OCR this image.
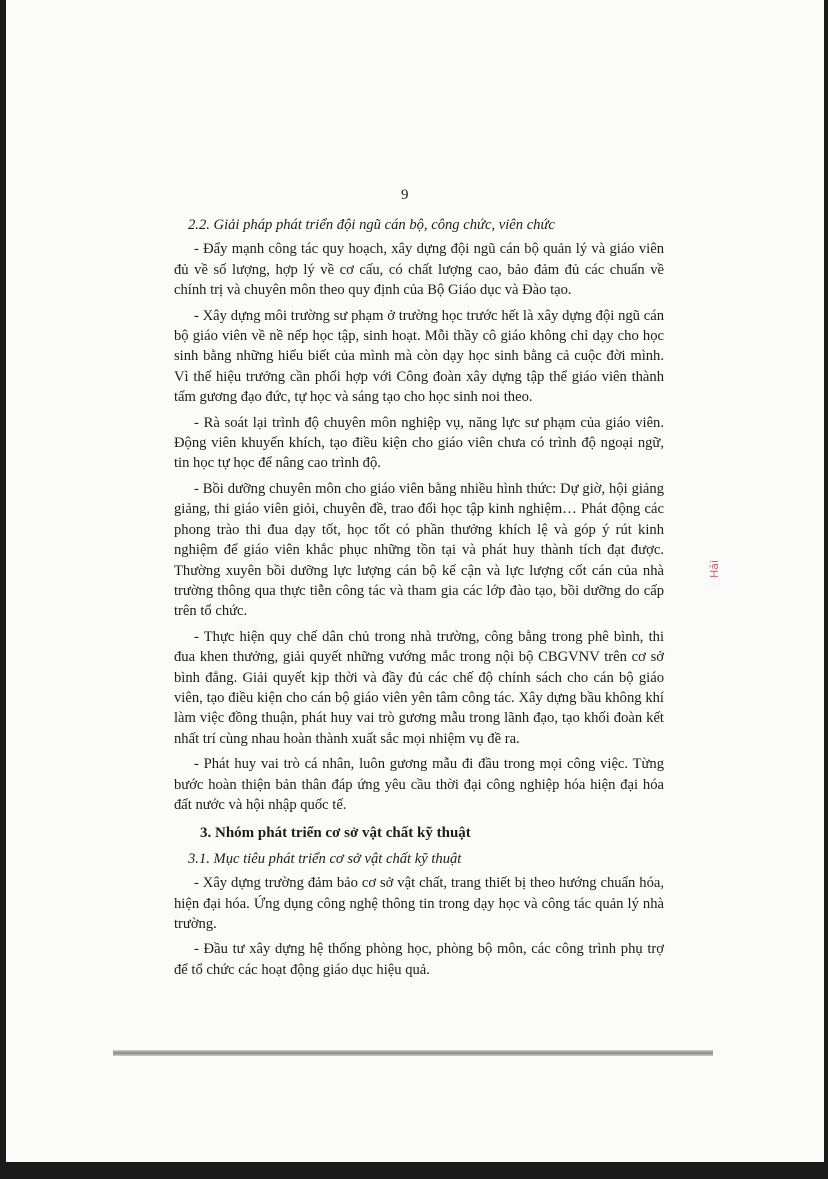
9
2.2. Giải pháp phát triển đội ngũ cán bộ, công chức, viên chức

- Đẩy mạnh công tác quy hoạch, xây dựng đội ngũ cán bộ quản lý và giáo viên đủ về số lượng, hợp lý về cơ cấu, có chất lượng cao, bảo đảm đủ các chuẩn về chính trị và chuyên môn theo quy định của Bộ Giáo dục và Đào tạo.

- Xây dựng môi trường sư phạm ở trường học trước hết là xây dựng đội ngũ cán bộ giáo viên về nề nếp học tập, sinh hoạt. Mỗi thầy cô giáo không chỉ dạy cho học sinh bằng những hiểu biết của mình mà còn dạy học sinh bằng cả cuộc đời mình. Vì thế hiệu trưởng cần phối hợp với Công đoàn xây dựng tập thể giáo viên thành tấm gương đạo đức, tự học và sáng tạo cho học sinh noi theo.

- Rà soát lại trình độ chuyên môn nghiệp vụ, năng lực sư phạm của giáo viên. Động viên khuyến khích, tạo điều kiện cho giáo viên chưa có trình độ ngoại ngữ, tin học tự học để nâng cao trình độ.

- Bồi dưỡng chuyên môn cho giáo viên bằng nhiều hình thức: Dự giờ, hội giảng giảng, thi giáo viên giỏi, chuyên đề, trao đổi học tập kinh nghiệm… Phát động các phong trào thi đua dạy tốt, học tốt có phần thưởng khích lệ và góp ý rút kinh nghiệm để giáo viên khắc phục những tồn tại và phát huy thành tích đạt được. Thường xuyên bồi dưỡng lực lượng cán bộ kế cận và lực lượng cốt cán của nhà trường thông qua thực tiễn công tác và tham gia các lớp đào tạo, bồi dưỡng do cấp trên tổ chức.

- Thực hiện quy chế dân chủ trong nhà trường, công bằng trong phê bình, thi đua khen thưởng, giải quyết những vướng mắc trong nội bộ CBGVNV trên cơ sở bình đẳng. Giải quyết kịp thời và đầy đủ các chế độ chính sách cho cán bộ giáo viên, tạo điều kiện cho cán bộ giáo viên yên tâm công tác. Xây dựng bầu không khí làm việc đồng thuận, phát huy vai trò gương mẫu trong lãnh đạo, tạo khối đoàn kết nhất trí cùng nhau hoàn thành xuất sắc mọi nhiệm vụ đề ra.

- Phát huy vai trò cá nhân, luôn gương mẫu đi đầu trong mọi công việc. Từng bước hoàn thiện bản thân đáp ứng yêu cầu thời đại công nghiệp hóa hiện đại hóa đất nước và hội nhập quốc tế.

3. Nhóm phát triển cơ sở vật chất kỹ thuật
3.1. Mục tiêu phát triển cơ sở vật chất kỹ thuật

- Xây dựng trường đảm bảo cơ sở vật chất, trang thiết bị theo hướng chuẩn hóa, hiện đại hóa. Ứng dụng công nghệ thông tin trong dạy học và công tác quản lý nhà trường.

- Đầu tư xây dựng hệ thống phòng học, phòng bộ môn, các công trình phụ trợ để tổ chức các hoạt động giáo dục hiệu quả.

Hải
